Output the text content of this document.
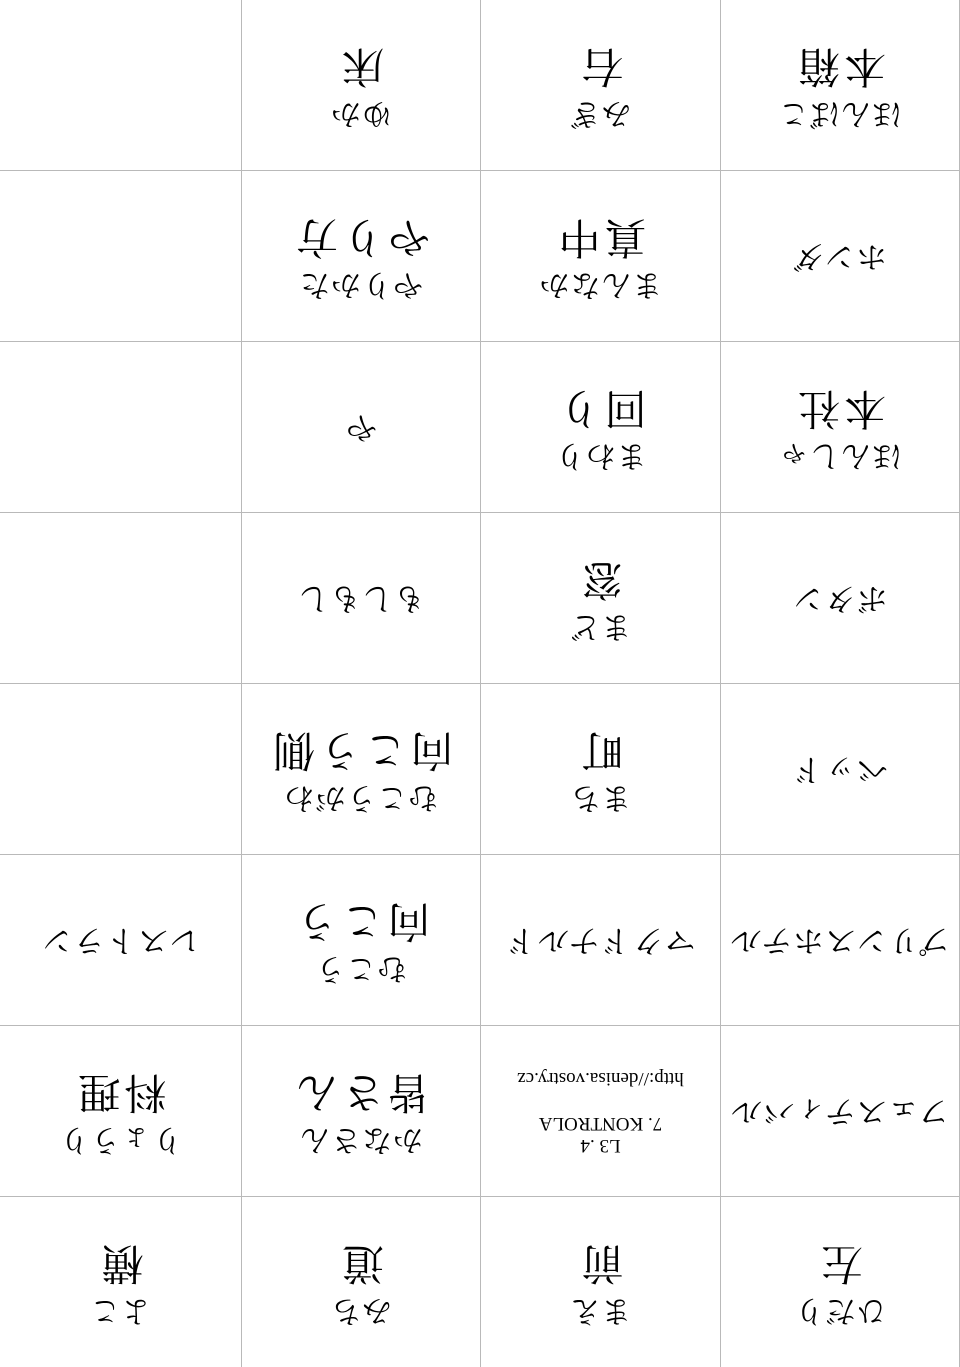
ひだり
左
まえ
前
みち
道
よこ
横
フェスティバル
L3 .4
7. KONTROLA
http://denisa.vostry.cz
かなさん
皆さん
りょうり
料理
プリンスホテル
マクドナルド
むこう
向こう
レストラン
ベッド
まち
町
むこうがわ
向こう側
ボタン
まど
窓
もしもし
ほんしゃ
本社
まわり
回り
や
ホンダ
まんなか
真中
やりかた
やり方
ほんばこ
本箱
みぎ
右
ゆか
床
